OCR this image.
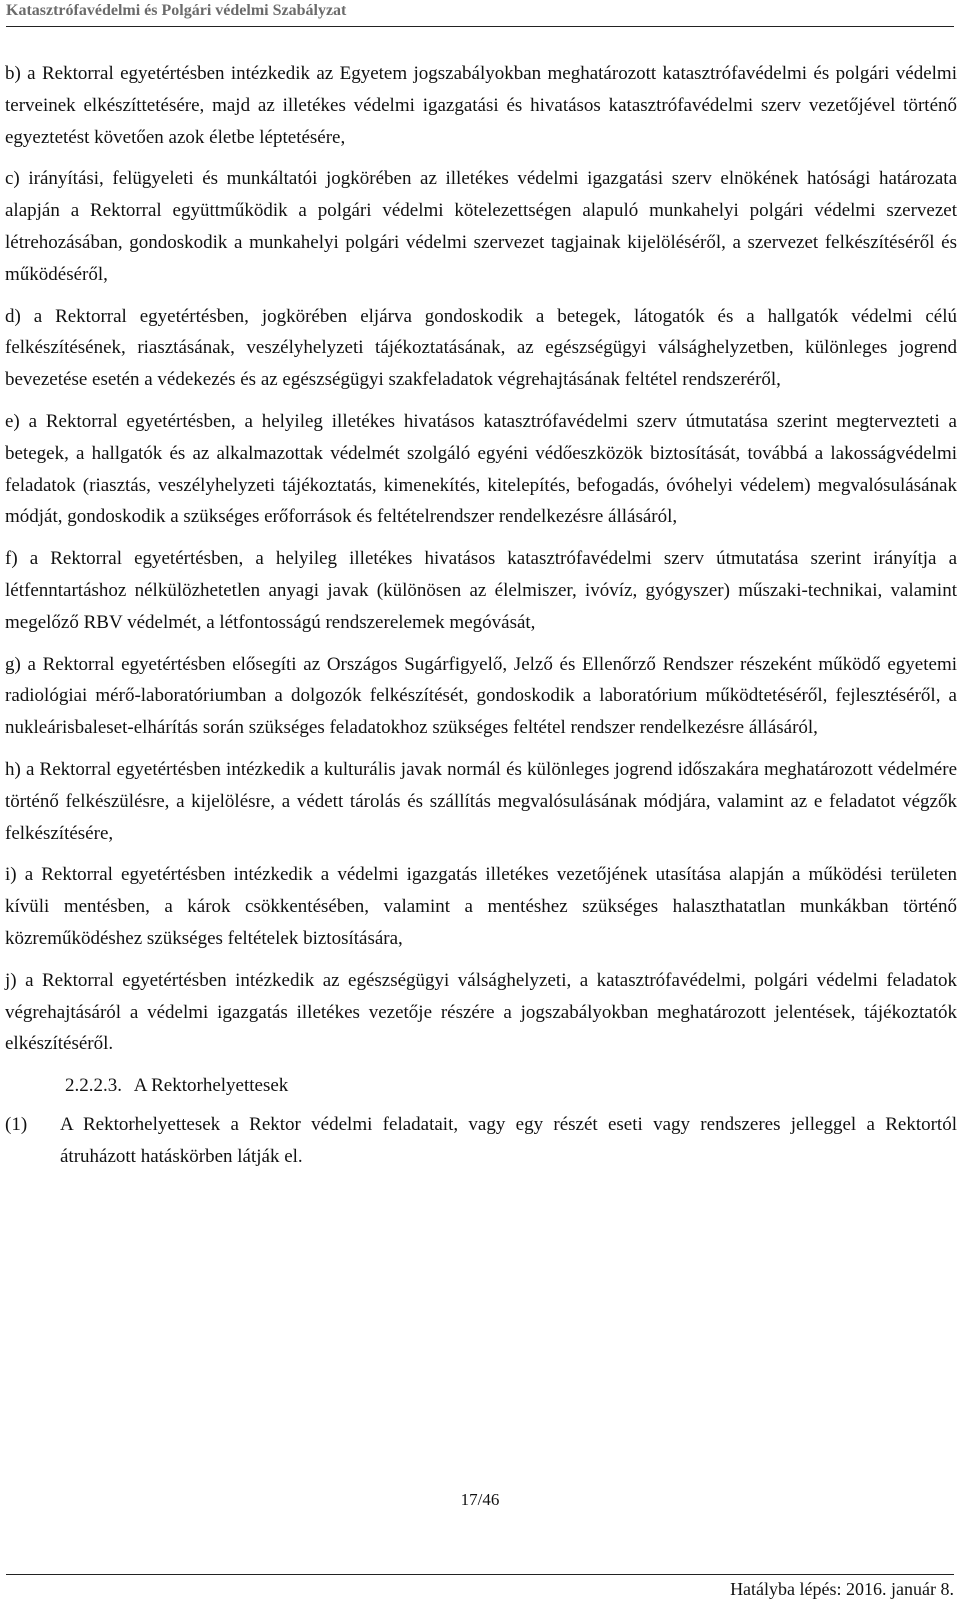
Katasztrófavédelmi és Polgári védelmi Szabályzat

b) a Rektorral egyetértésben intézkedik az Egyetem jogszabályokban meghatározott katasztrófavédelmi és polgári védelmi terveinek elkészíttetésére, majd az illetékes védelmi igazgatási és hivatásos katasztrófavédelmi szerv vezetőjével történő egyeztetést követően azok életbe léptetésére,

c) irányítási, felügyeleti és munkáltatói jogkörében az illetékes védelmi igazgatási szerv elnökének hatósági határozata alapján a Rektorral együttműködik a polgári védelmi kötelezettségen alapuló munkahelyi polgári védelmi szervezet létrehozásában, gondoskodik a munkahelyi polgári védelmi szervezet tagjainak kijelöléséről, a szervezet felkészítéséről és működéséről,

d) a Rektorral egyetértésben, jogkörében eljárva gondoskodik a betegek, látogatók és a hallgatók védelmi célú felkészítésének, riasztásának, veszélyhelyzeti tájékoztatásának, az egészségügyi válsághelyzetben, különleges jogrend bevezetése esetén a védekezés és az egészségügyi szakfeladatok végrehajtásának feltétel rendszeréről,

e) a Rektorral egyetértésben, a helyileg illetékes hivatásos katasztrófavédelmi szerv útmutatása szerint megtervezteti a betegek, a hallgatók és az alkalmazottak védelmét szolgáló egyéni védőeszközök biztosítását, továbbá a lakosságvédelmi feladatok (riasztás, veszélyhelyzeti tájékoztatás, kimenekítés, kitelepítés, befogadás, óvóhelyi védelem) megvalósulásának módját, gondoskodik a szükséges erőforrások és feltételrendszer rendelkezésre állásáról,

f) a Rektorral egyetértésben, a helyileg illetékes hivatásos katasztrófavédelmi szerv útmutatása szerint irányítja a létfenntartáshoz nélkülözhetetlen anyagi javak (különösen az élelmiszer, ivóvíz, gyógyszer) műszaki-technikai, valamint megelőző RBV védelmét, a létfontosságú rendszerelemek megóvását,

g) a Rektorral egyetértésben elősegíti az Országos Sugárfigyelő, Jelző és Ellenőrző Rendszer részeként működő egyetemi radiológiai mérő-laboratóriumban a dolgozók felkészítését, gondoskodik a laboratórium működtetéséről, fejlesztéséről, a nukleárisbaleset-elhárítás során szükséges feladatokhoz szükséges feltétel rendszer rendelkezésre állásáról,

h) a Rektorral egyetértésben intézkedik a kulturális javak normál és különleges jogrend időszakára meghatározott védelmére történő felkészülésre, a kijelölésre, a védett tárolás és szállítás megvalósulásának módjára, valamint az e feladatot végzők felkészítésére,

i) a Rektorral egyetértésben intézkedik a védelmi igazgatás illetékes vezetőjének utasítása alapján a működési területen kívüli mentésben, a károk csökkentésében, valamint a mentéshez szükséges halaszthatatlan munkákban történő közreműködéshez szükséges feltételek biztosítására,

j) a Rektorral egyetértésben intézkedik az egészségügyi válsághelyzeti, a katasztrófavédelmi, polgári védelmi feladatok végrehajtásáról a védelmi igazgatás illetékes vezetője részére a jogszabályokban meghatározott jelentések, tájékoztatók elkészítéséről.

2.2.2.3. A Rektorhelyettesek
(1) A Rektorhelyettesek a Rektor védelmi feladatait, vagy egy részét eseti vagy rendszeres jelleggel a Rektortól átruházott hatáskörben látják el.
17/46
Hatályba lépés: 2016. január 8.
